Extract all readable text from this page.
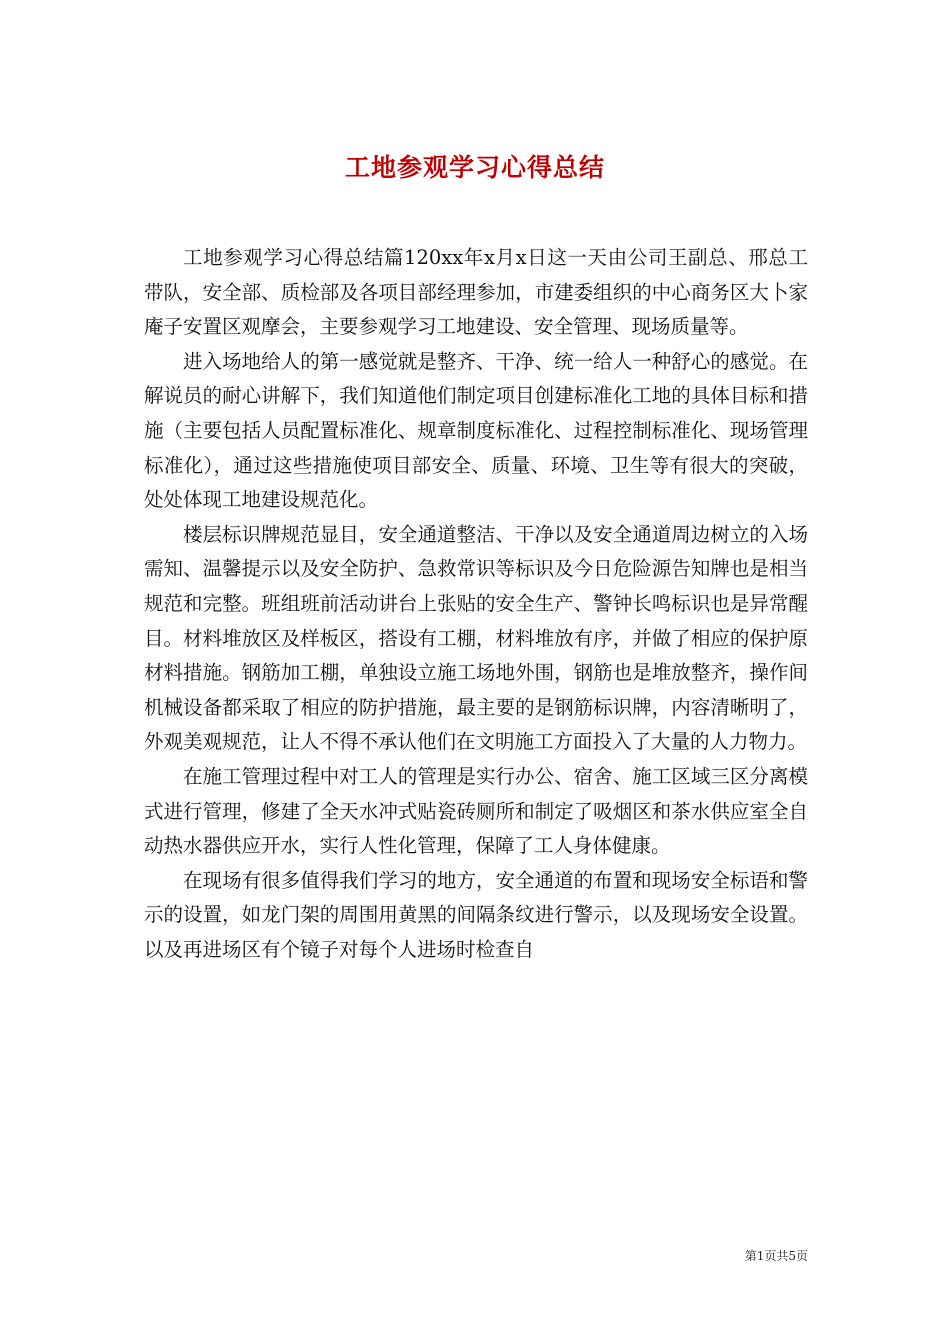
工地参观学习心得总结

工地参观学习心得总结篇120xx年x月x日这一天由公司王副总、邢总工带队，安全部、质检部及各项目部经理参加，市建委组织的中心商务区大卜家庵子安置区观摩会，主要参观学习工地建设、安全管理、现场质量等。

进入场地给人的第一感觉就是整齐、干净、统一给人一种舒心的感觉。在解说员的耐心讲解下，我们知道他们制定项目创建标准化工地的具体目标和措施（主要包括人员配置标准化、规章制度标准化、过程控制标准化、现场管理标准化），通过这些措施使项目部安全、质量、环境、卫生等有很大的突破，处处体现工地建设规范化。

楼层标识牌规范显目，安全通道整洁、干净以及安全通道周边树立的入场需知、温馨提示以及安全防护、急救常识等标识及今日危险源告知牌也是相当规范和完整。班组班前活动讲台上张贴的安全生产、警钟长鸣标识也是异常醒目。材料堆放区及样板区，搭设有工棚，材料堆放有序，并做了相应的保护原材料措施。钢筋加工棚，单独设立施工场地外围，钢筋也是堆放整齐，操作间机械设备都采取了相应的防护措施，最主要的是钢筋标识牌，内容清晰明了，外观美观规范，让人不得不承认他们在文明施工方面投入了大量的人力物力。

在施工管理过程中对工人的管理是实行办公、宿舍、施工区域三区分离模式进行管理，修建了全天水冲式贴瓷砖厕所和制定了吸烟区和茶水供应室全自动热水器供应开水，实行人性化管理，保障了工人身体健康。

在现场有很多值得我们学习的地方，安全通道的布置和现场安全标语和警示的设置，如龙门架的周围用黄黑的间隔条纹进行警示，以及现场安全设置。以及再进场区有个镜子对每个人进场时检查自

第1页共5页
